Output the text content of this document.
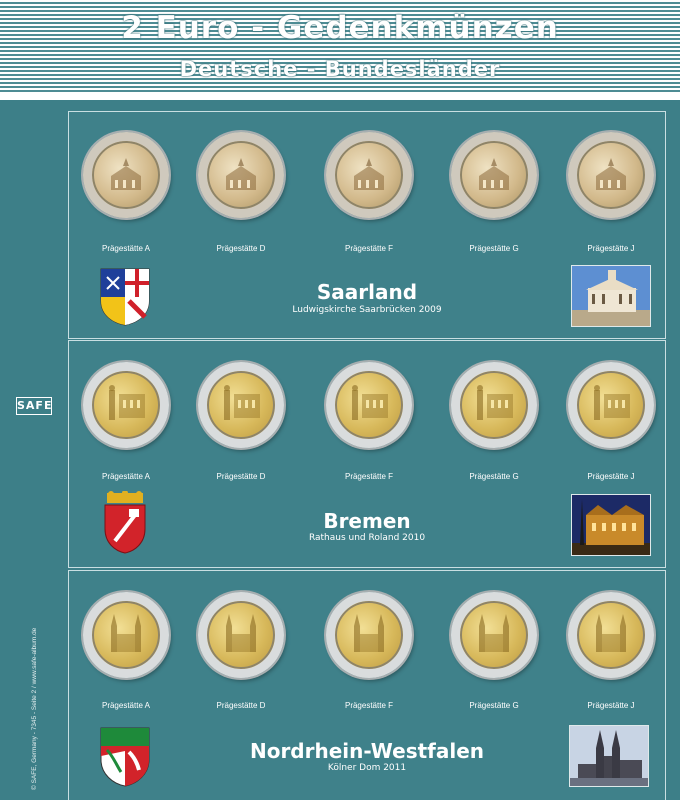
2 Euro - Gedenkmünzen
Deutsche - Bundesländer
SAFE
© SAFE, Germany - 7345 - Seite 2 / www.safe-album.de
Prägestätte A	Prägestätte D	Prägestätte F	Prägestätte G	Prägestätte J
Saarland
Ludwigskirche Saarbrücken 2009
Prägestätte A	Prägestätte D	Prägestätte F	Prägestätte G	Prägestätte J
Bremen
Rathaus und Roland 2010
Prägestätte A	Prägestätte D	Prägestätte F	Prägestätte G	Prägestätte J
Nordrhein-Westfalen
Kölner Dom 2011
